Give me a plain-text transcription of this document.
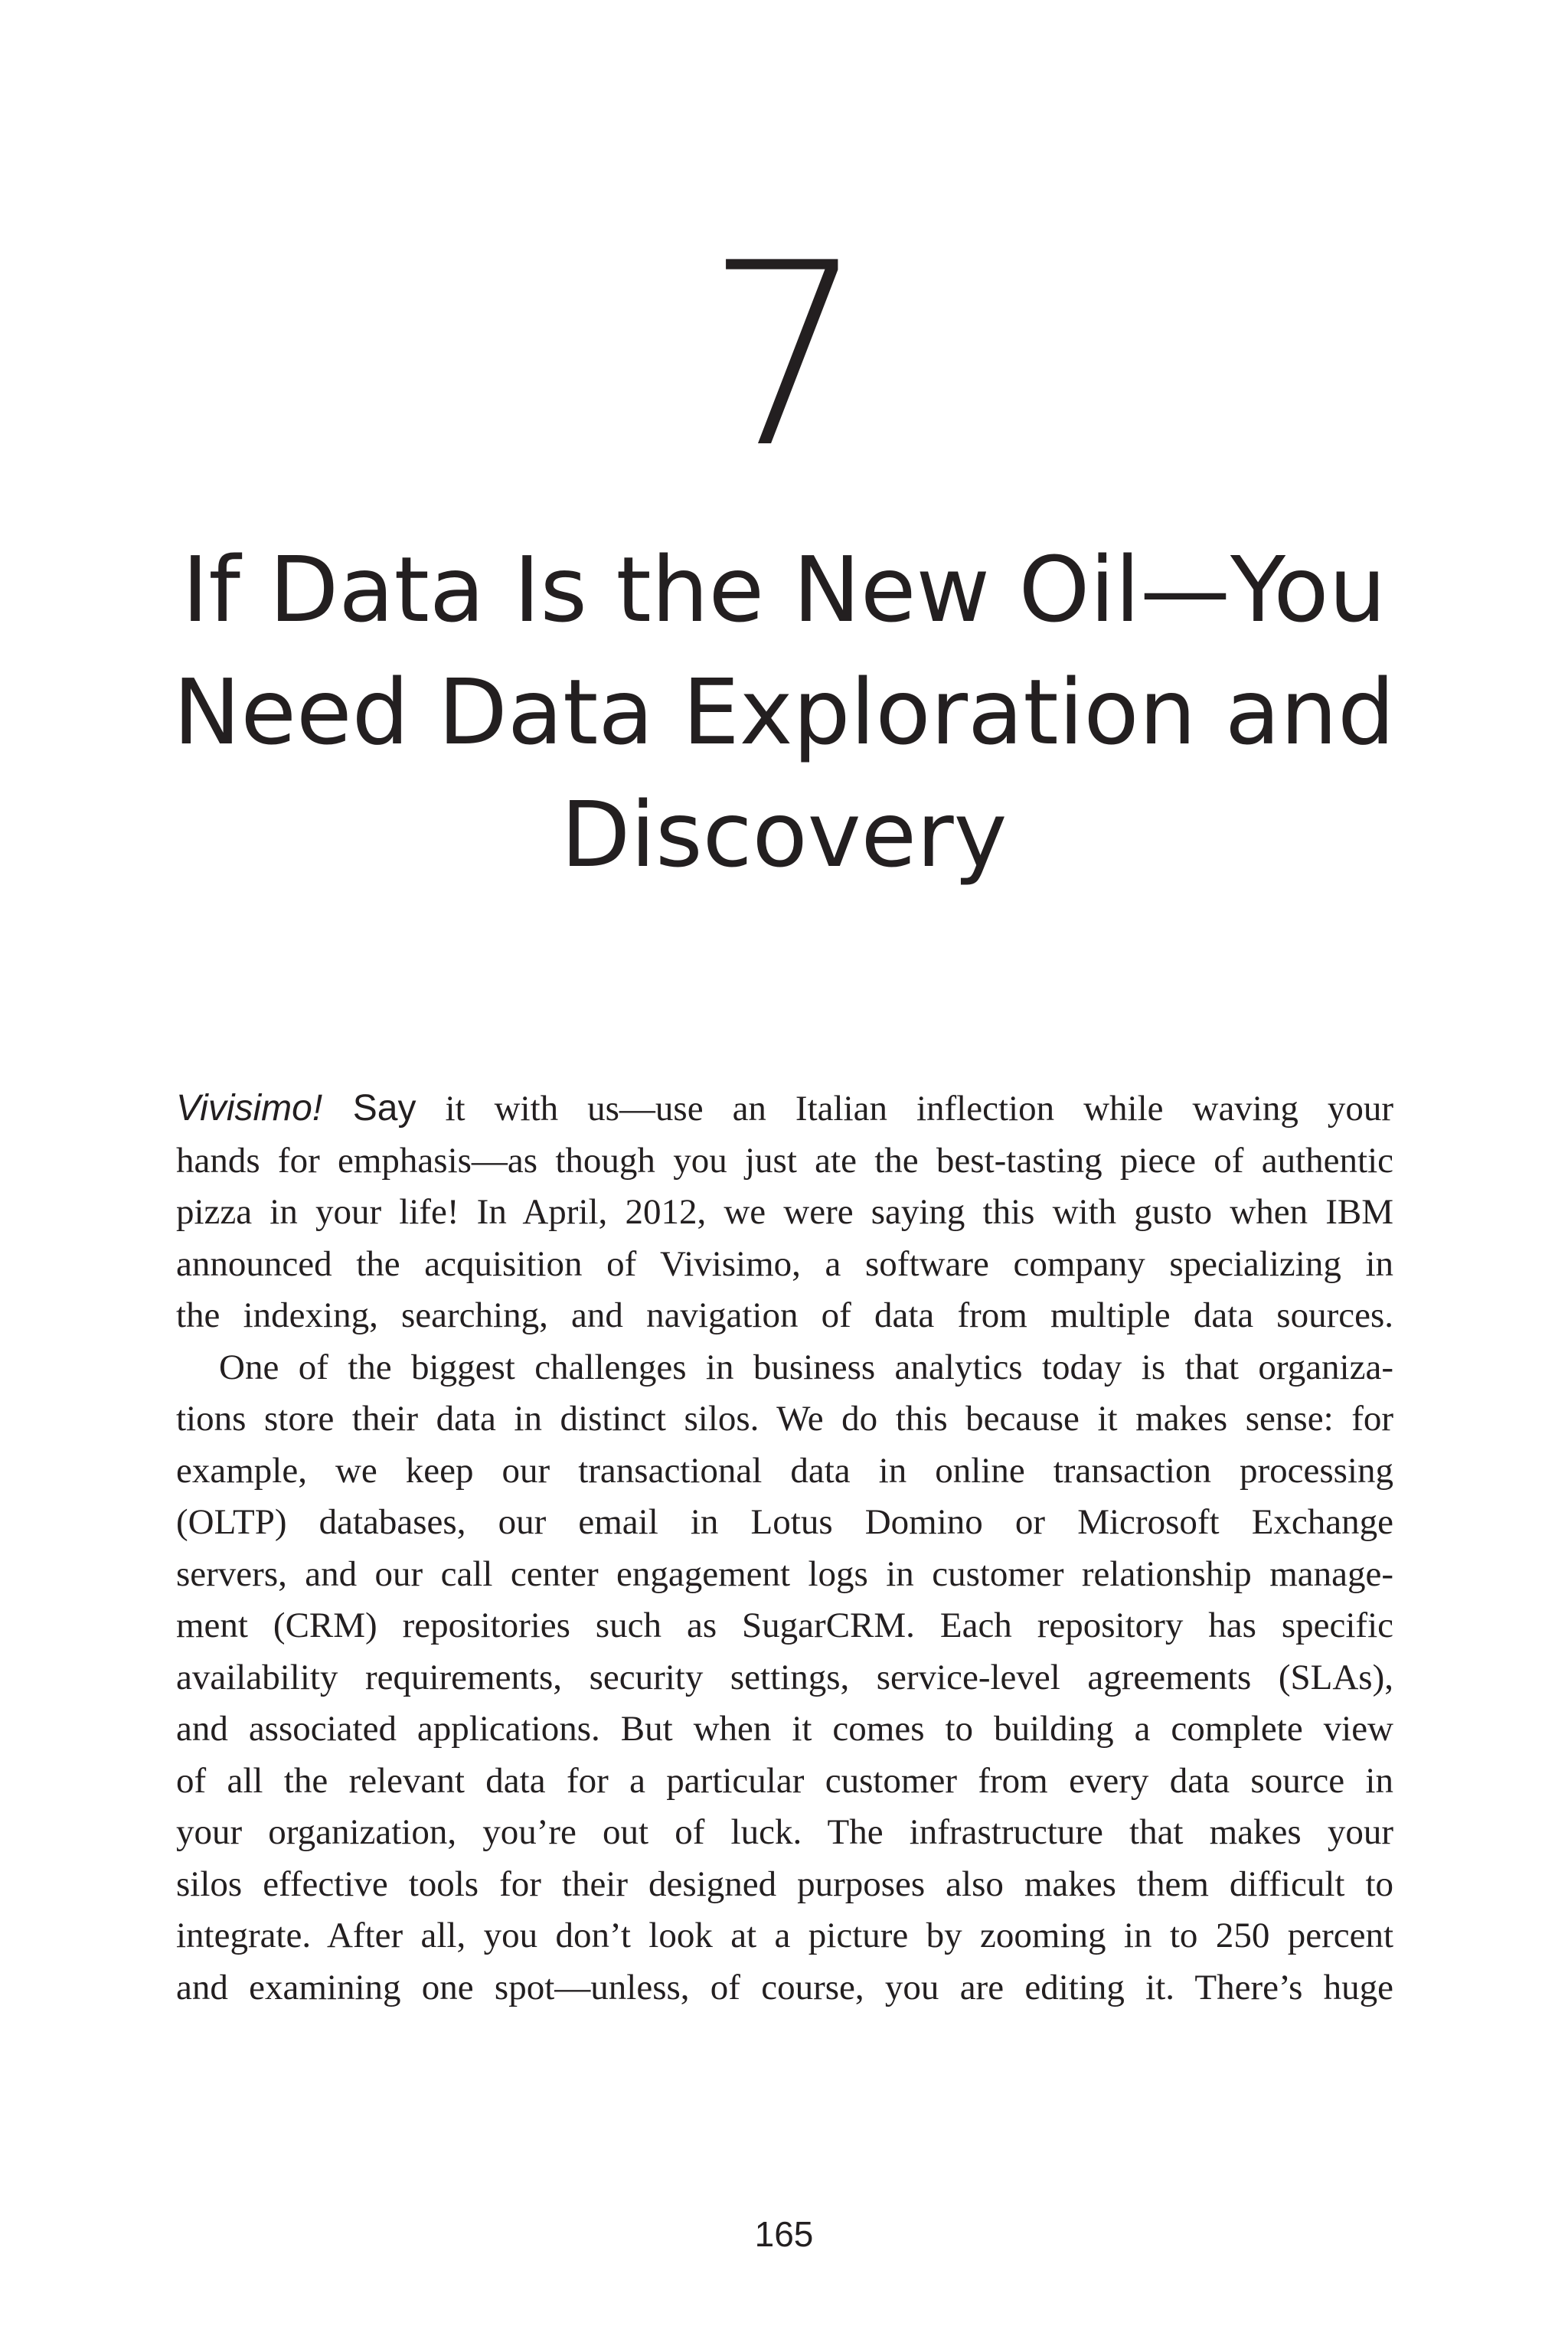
7
If Data Is the New Oil—You
Need Data Exploration and
Discovery

Vivisimo! Say it with us—use an Italian inflection while waving your

hands for emphasis—as though you just ate the best-tasting piece of authentic

pizza in your life! In April, 2012, we were saying this with gusto when IBM

announced the acquisition of Vivisimo, a software company specializing in

the indexing, searching, and navigation of data from multiple data sources.

One of the biggest challenges in business analytics today is that organiza-

tions store their data in distinct silos. We do this because it makes sense: for

example, we keep our transactional data in online transaction processing

(OLTP) databases, our email in Lotus Domino or Microsoft Exchange

servers, and our call center engagement logs in customer relationship manage-

ment (CRM) repositories such as SugarCRM. Each repository has specific

availability requirements, security settings, service-level agreements (SLAs),

and associated applications. But when it comes to building a complete view

of all the relevant data for a particular customer from every data source in

your organization, you’re out of luck. The infrastructure that makes your

silos effective tools for their designed purposes also makes them difficult to

integrate. After all, you don’t look at a picture by zooming in to 250 percent

and examining one spot—unless, of course, you are editing it. There’s huge

165
